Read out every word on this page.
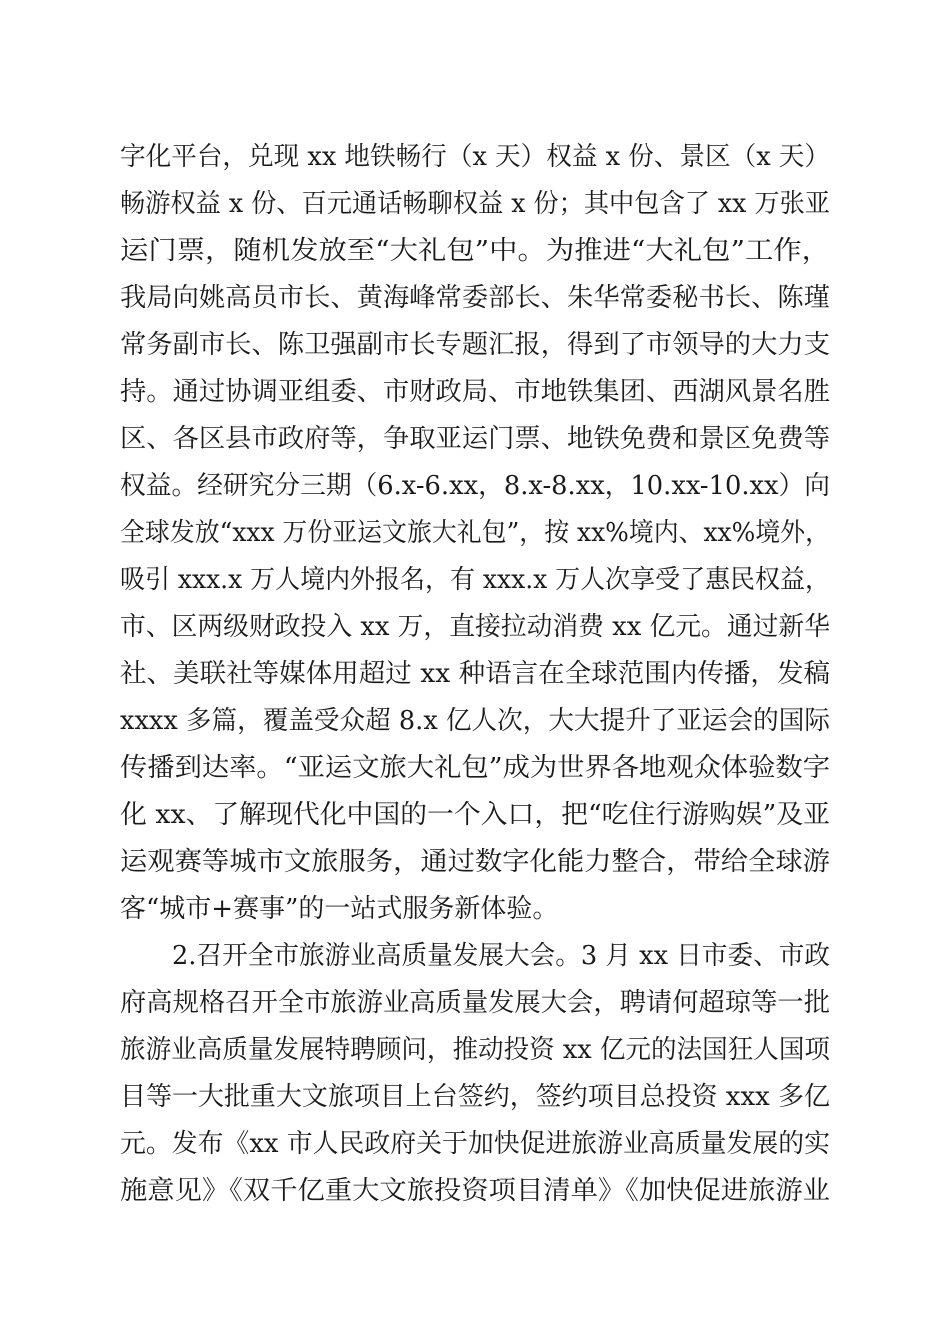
字化平台，兑现 xx 地铁畅行（x 天）权益 x 份、景区（x 天）
畅游权益 x 份、百元通话畅聊权益 x 份；其中包含了 xx 万张亚
运门票，随机发放至“大礼包”中。为推进“大礼包”工作，
我局向姚高员市长、黄海峰常委部长、朱华常委秘书长、陈瑾
常务副市长、陈卫强副市长专题汇报，得到了市领导的大力支
持。通过协调亚组委、市财政局、市地铁集团、西湖风景名胜
区、各区县市政府等，争取亚运门票、地铁免费和景区免费等
权益。经研究分三期（6.x-6.xx，8.x-8.xx，10.xx-10.xx）向
全球发放“xxx 万份亚运文旅大礼包”，按 xx%境内、xx%境外，
吸引 xxx.x 万人境内外报名，有 xxx.x 万人次享受了惠民权益，
市、区两级财政投入 xx 万，直接拉动消费 xx 亿元。通过新华
社、美联社等媒体用超过 xx 种语言在全球范围内传播，发稿
xxxx 多篇，覆盖受众超 8.x 亿人次，大大提升了亚运会的国际
传播到达率。“亚运文旅大礼包”成为世界各地观众体验数字
化 xx、了解现代化中国的一个入口，把“吃住行游购娱”及亚
运观赛等城市文旅服务，通过数字化能力整合，带给全球游
客“城市+赛事”的一站式服务新体验。
2.召开全市旅游业高质量发展大会。3 月 xx 日市委、市政
府高规格召开全市旅游业高质量发展大会，聘请何超琼等一批
旅游业高质量发展特聘顾问，推动投资 xx 亿元的法国狂人国项
目等一大批重大文旅项目上台签约，签约项目总投资 xxx 多亿
元。发布《xx 市人民政府关于加快促进旅游业高质量发展的实
施意见》《双千亿重大文旅投资项目清单》《加快促进旅游业
